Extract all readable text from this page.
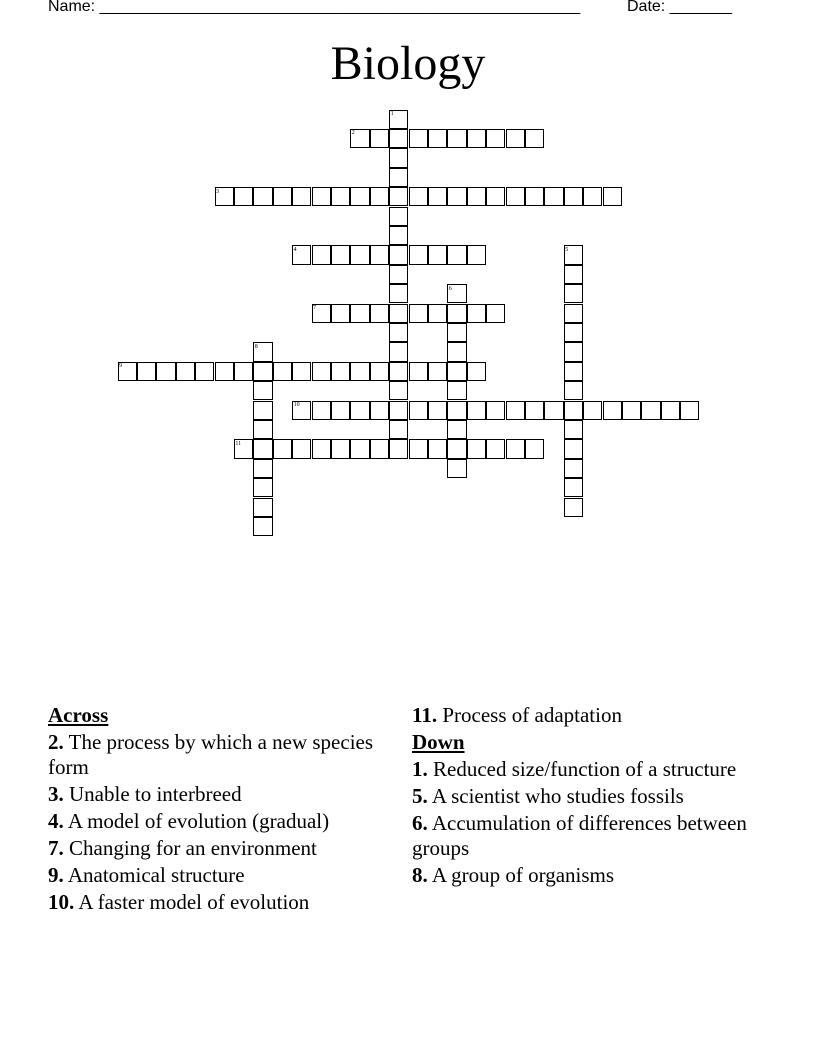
Name: ______________________________________________________	Date: _______
Biology
1
2
3
4	5
6
7
8
9
10
11
Across
2. The process by which a new species form
3. Unable to interbreed
4. A model of evolution (gradual)
7. Changing for an environment
9. Anatomical structure
10. A faster model of evolution
11. Process of adaptation
Down
1. Reduced size/function of a structure
5. A scientist who studies fossils
6. Accumulation of differences between groups
8. A group of organisms
